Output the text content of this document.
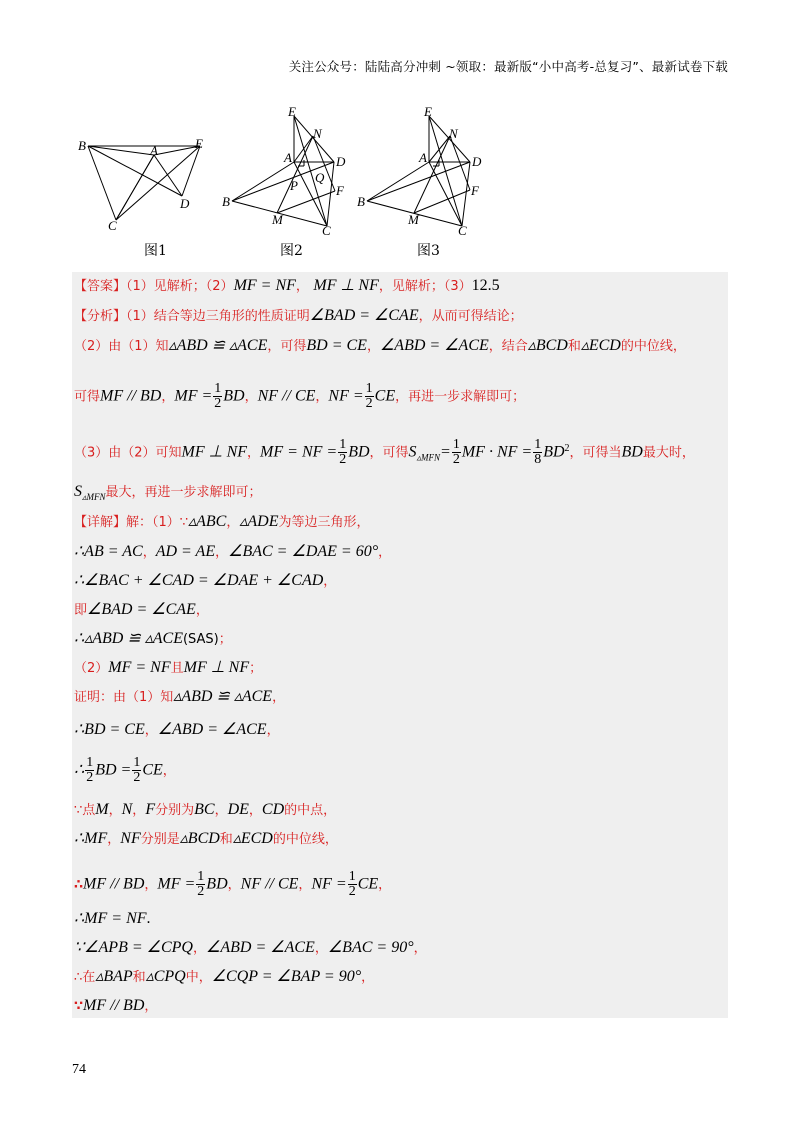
关注公众号：陆陆高分冲刺 ~领取：最新版“小中高考-总复习”、最新试卷下载
B	A	E
C
D
E
N
A	D
P
Q
F
B
M
C
E
N
A	D
F
B
M
C
图1	图2	图3
【答案】（1）见解析；（2）MF = NF， MF ⊥ NF，见解析；（3）12.5
【分析】（1）结合等边三角形的性质证明∠BAD = ∠CAE，从而可得结论；
（2）由（1）知▵ABD ≌ ▵ACE，可得BD = CE，∠ABD = ∠ACE，结合▵BCD和▵ECD的中位线，
可得MF // BD，MF = $\frac{1}{2}$ BD，NF // CE，NF = $\frac{1}{2}$ CE，再进一步求解即可；
（3）由（2）可知MF ⊥ NF，MF = NF = $\frac{1}{2}$ BD，可得$S_{▵MFN}= \frac{1}{2}$ MF · NF = $\frac{1}{8} BD^2$，可得当BD最大时，
$S_{▵MFN}$最大，再进一步求解即可；
【详解】解：（1）∵▵ABC，▵ADE为等边三角形，
∴AB = AC，AD = AE，∠BAC = ∠DAE = 60°，
∴∠BAC + ∠CAD = ∠DAE + ∠CAD，
即∠BAD = ∠CAE，
∴▵ABD ≌ ▵ACE(SAS)；
（2）MF = NF且MF ⊥ NF；
证明：由（1）知▵ABD ≌ ▵ACE，
∴BD = CE，∠ABD = ∠ACE，
∴ $\frac{1}{2}$ BD = $\frac{1}{2}$ CE，
∵点M，N，F分别为BC，DE，CD的中点，
∴MF，NF分别是▵BCD和▵ECD的中位线，
∴MF // BD，MF = $\frac{1}{2}$ BD，NF // CE，NF = $\frac{1}{2}$ CE，
∴MF = NF.
∵∠APB = ∠CPQ，∠ABD = ∠ACE，∠BAC = 90°，
∴在▵BAP和▵CPQ中，∠CQP = ∠BAP = 90°，
∵MF // BD，
74
